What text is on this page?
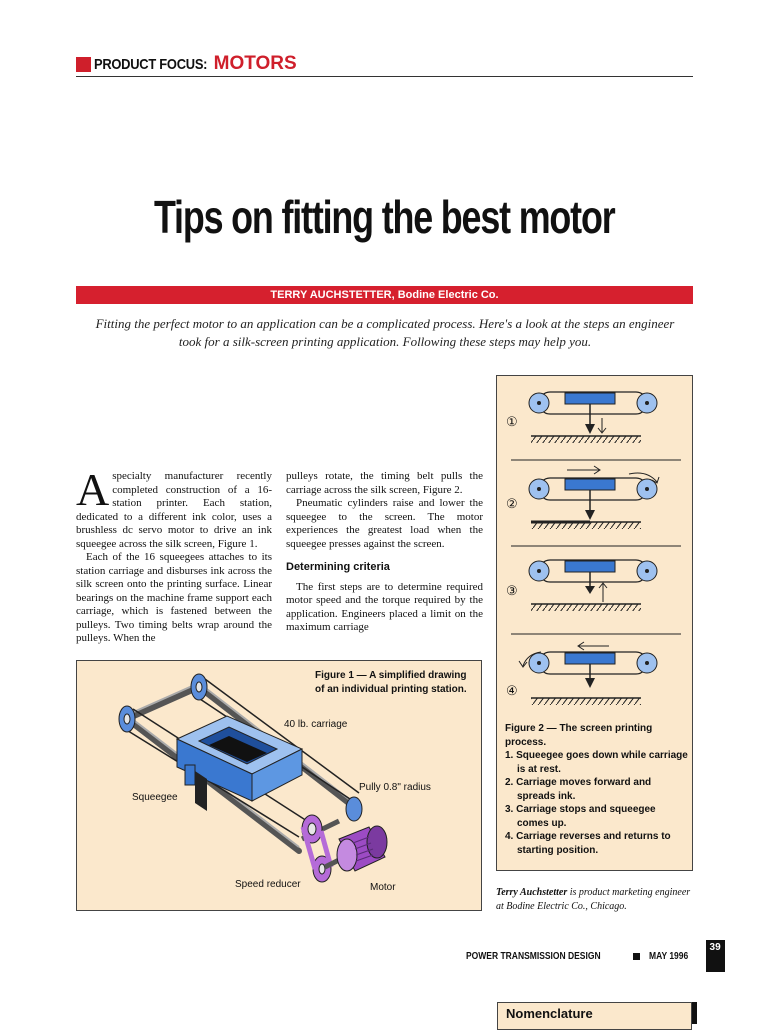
PRODUCT FOCUS: MOTORS
Tips on fitting the best motor
TERRY AUCHSTETTER, Bodine Electric Co.
Fitting the perfect motor to an application can be a complicated process. Here's a look at the steps an engineer took for a silk-screen printing application. Following these steps may help you.
A specialty manufacturer recently completed construction of a 16-station printer. Each station, dedicated to a different ink color, uses a brushless dc servo motor to drive an ink squeegee across the silk screen, Figure 1.
Each of the 16 squeegees attaches to its station carriage and disburses ink across the silk screen onto the printing surface. Linear bearings on the machine frame support each carriage, which is fastened between the pulleys. Two timing belts wrap around the pulleys. When the
pulleys rotate, the timing belt pulls the carriage across the silk screen, Figure 2.
Pneumatic cylinders raise and lower the squeegee to the screen. The motor experiences the greatest load when the squeegee presses against the screen.
Determining criteria
The first steps are to determine required motor speed and the torque required by the application. Engineers placed a limit on the maximum carriage
Figure 1 — A simplified drawing of an individual printing station.
40 lb. carriage
Pully 0.8" radius
Squeegee
Speed reducer	Motor
①
②
③
④
Figure 2 — The screen printing process.
1. Squeegee goes down while carriage is at rest.
2. Carriage moves forward and spreads ink.
3. Carriage stops and squeegee comes up.
4. Carriage reverses and returns to starting position.
Terry Auchstetter is product marketing engineer at Bodine Electric Co., Chicago.
POWER TRANSMISSION DESIGN	MAY 1996
39
Nomenclature
